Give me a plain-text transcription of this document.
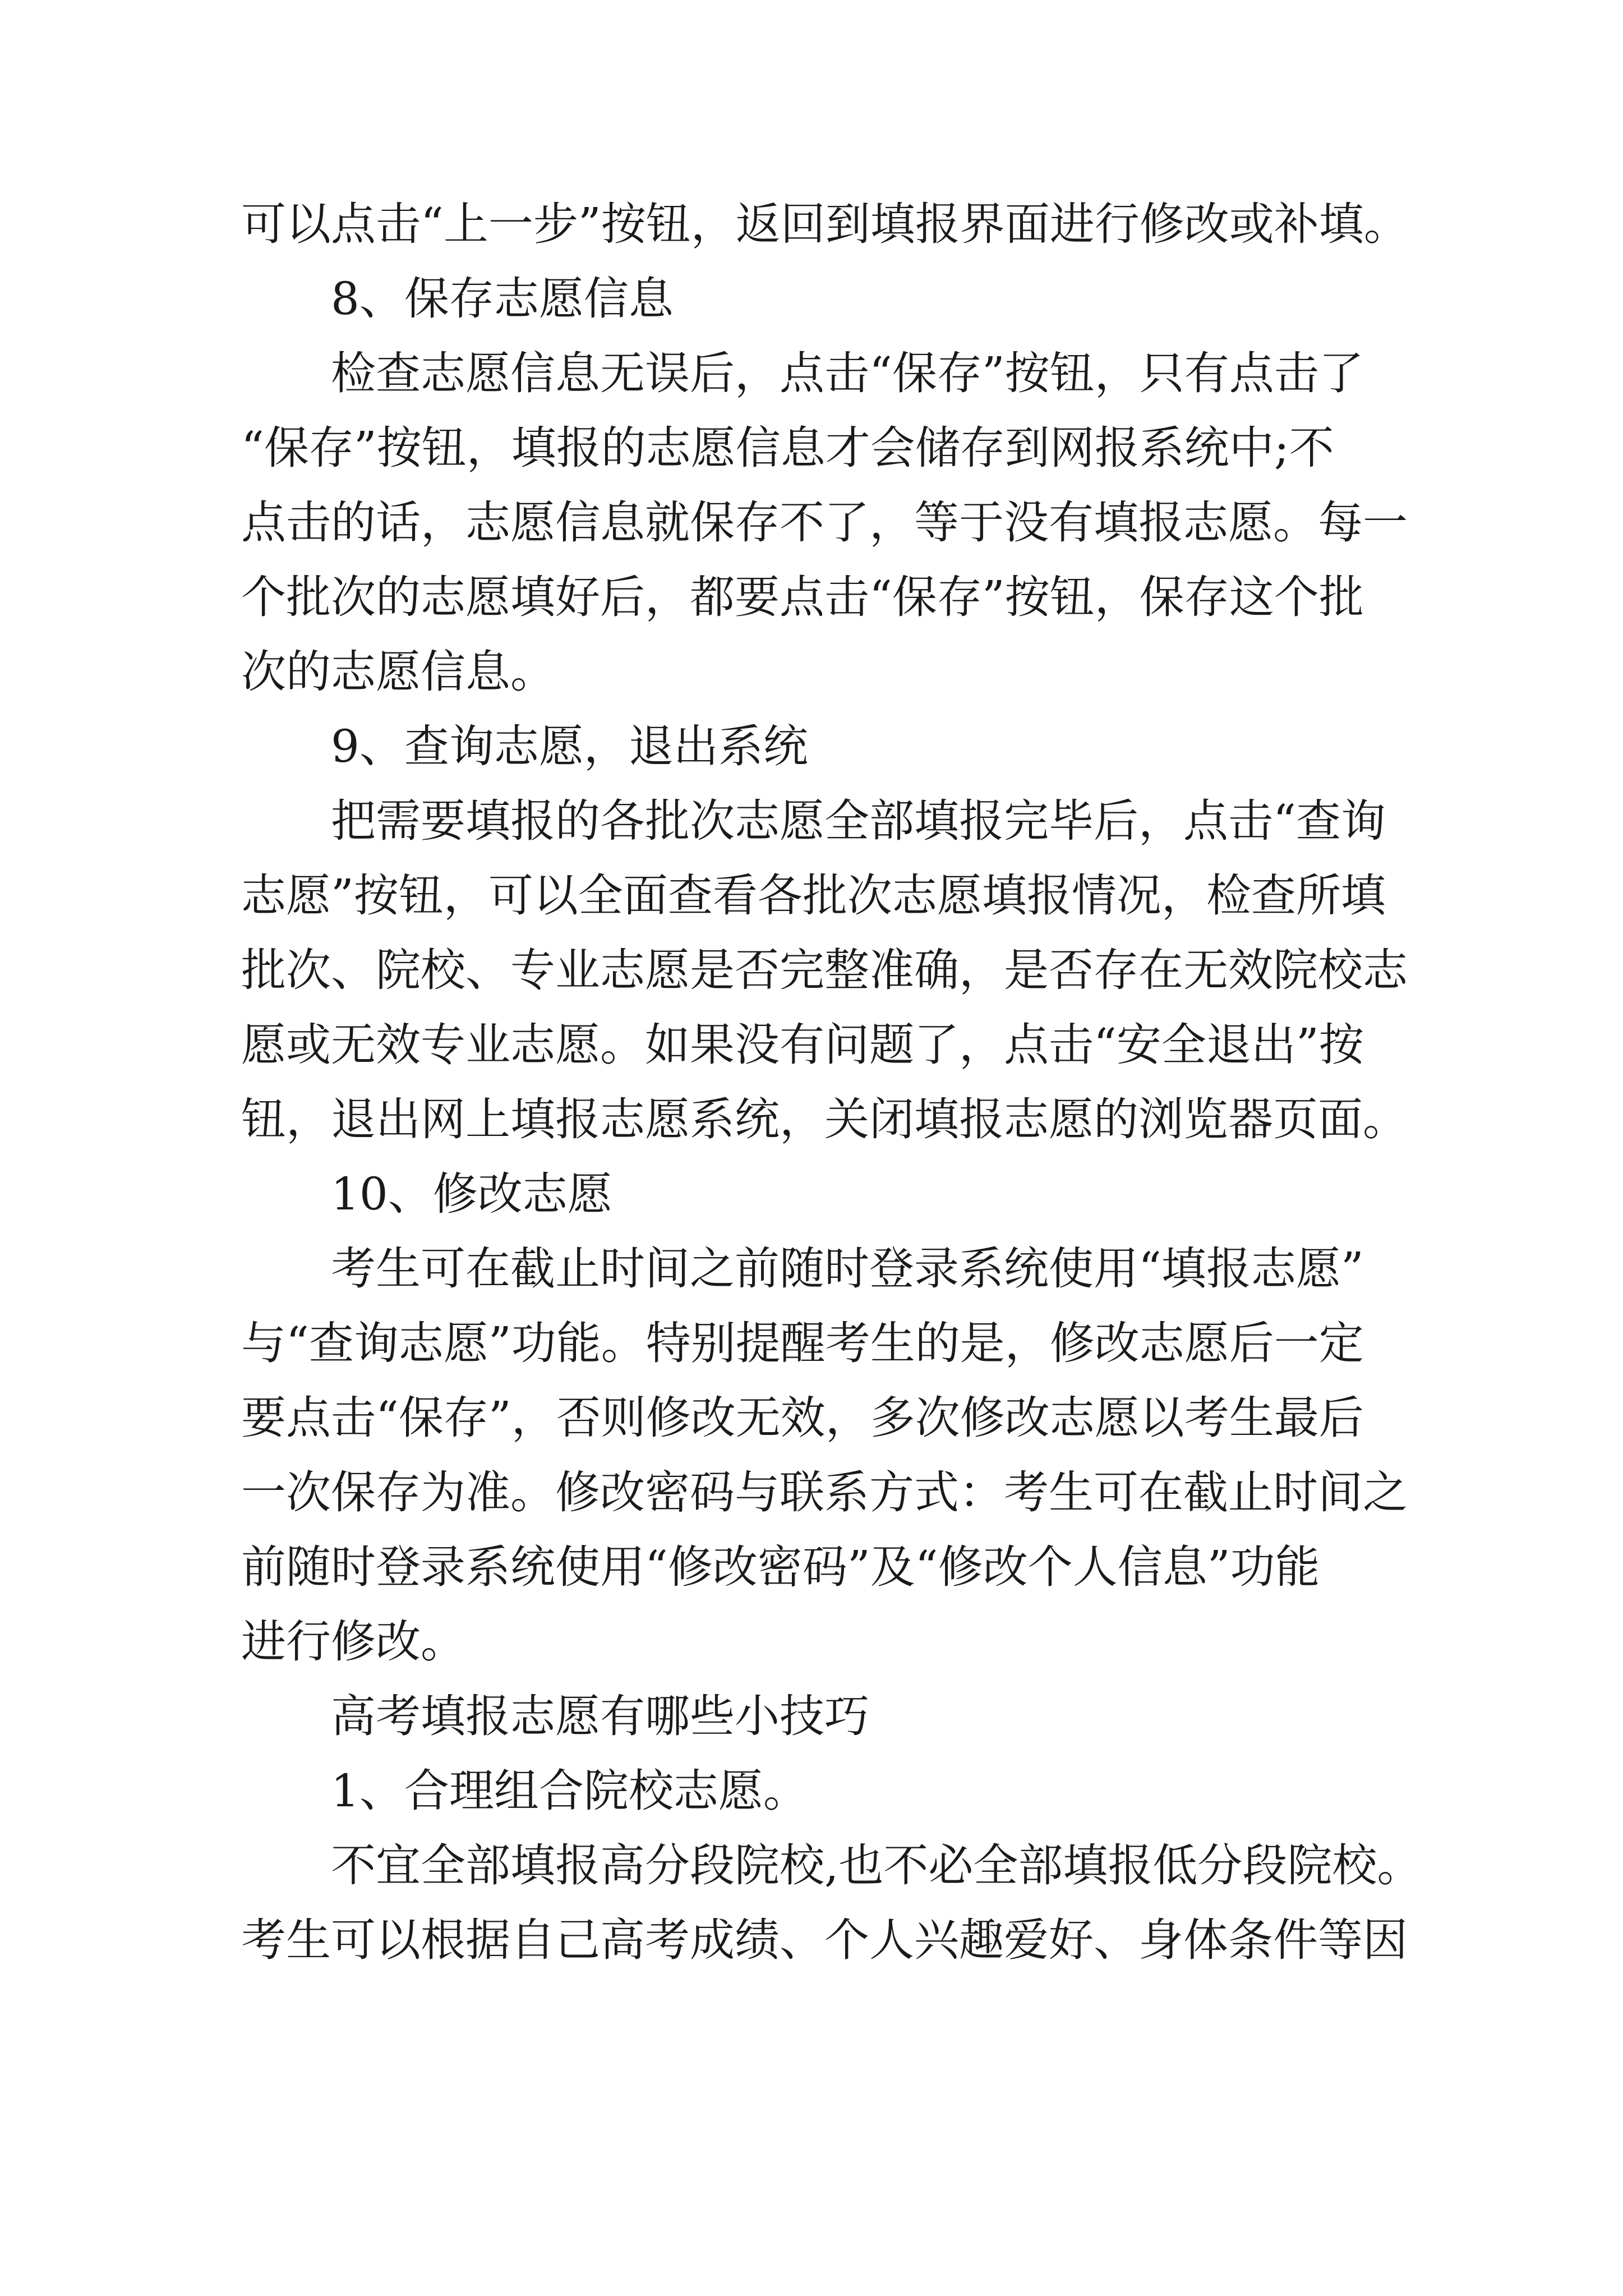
可以点击“上一步”按钮，返回到填报界面进行修改或补填。
8、保存志愿信息
检查志愿信息无误后，点击“保存”按钮，只有点击了
“保存”按钮，填报的志愿信息才会储存到网报系统中;不
点击的话，志愿信息就保存不了，等于没有填报志愿。每一
个批次的志愿填好后，都要点击“保存”按钮，保存这个批
次的志愿信息。
9、查询志愿，退出系统
把需要填报的各批次志愿全部填报完毕后，点击“查询
志愿”按钮，可以全面查看各批次志愿填报情况，检查所填
批次、院校、专业志愿是否完整准确，是否存在无效院校志
愿或无效专业志愿。如果没有问题了，点击“安全退出”按
钮，退出网上填报志愿系统，关闭填报志愿的浏览器页面。
10、修改志愿
考生可在截止时间之前随时登录系统使用“填报志愿”
与“查询志愿”功能。特别提醒考生的是，修改志愿后一定
要点击“保存”，否则修改无效，多次修改志愿以考生最后
一次保存为准。修改密码与联系方式：考生可在截止时间之
前随时登录系统使用“修改密码”及“修改个人信息”功能
进行修改。
高考填报志愿有哪些小技巧
1、合理组合院校志愿。
不宜全部填报高分段院校,也不必全部填报低分段院校。
考生可以根据自己高考成绩、个人兴趣爱好、身体条件等因
